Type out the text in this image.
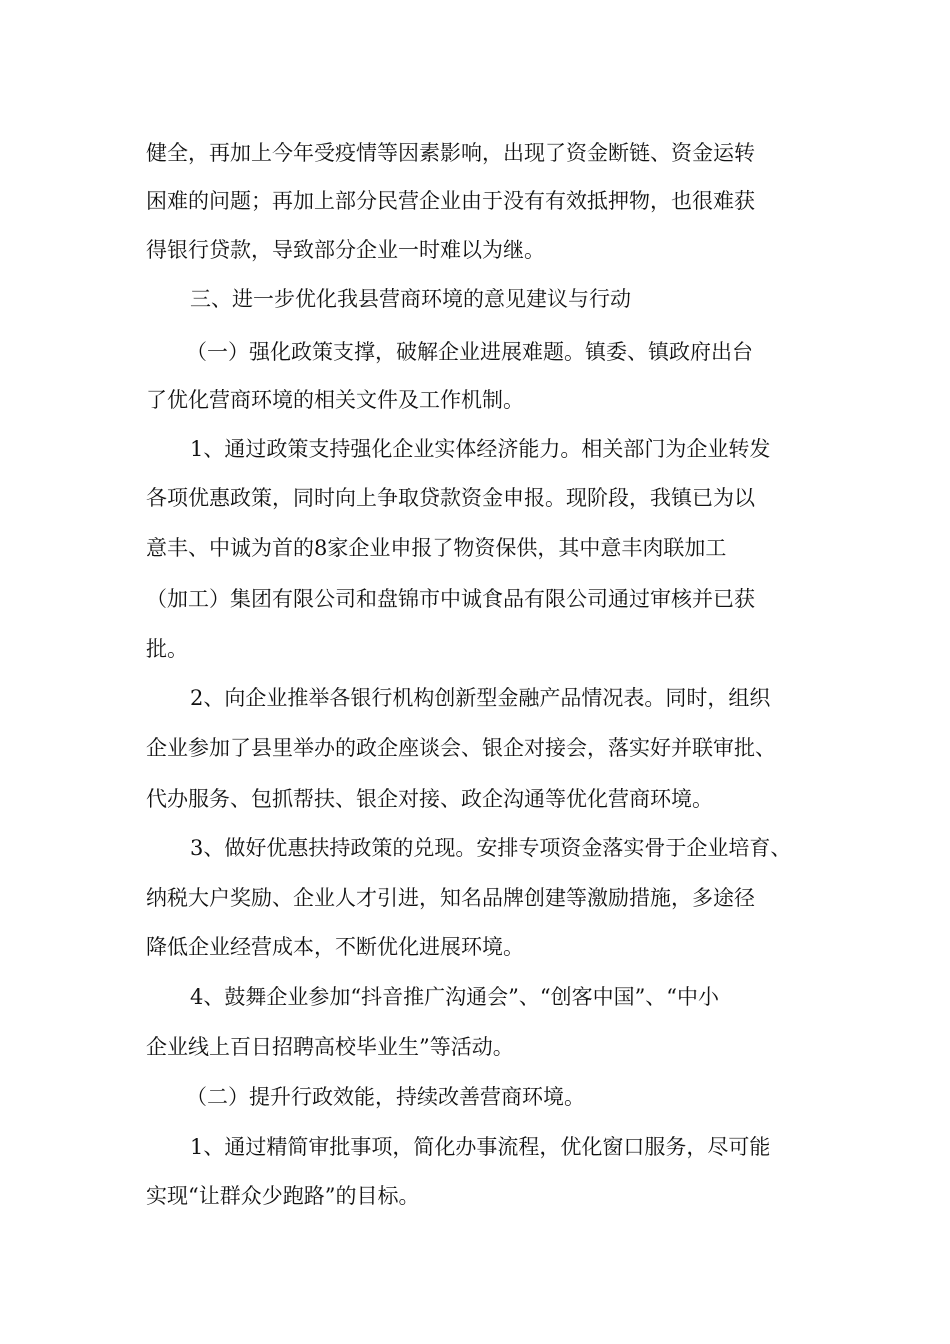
健全，再加上今年受疫情等因素影响，出现了资金断链、资金运转
困难的问题；再加上部分民营企业由于没有有效抵押物，也很难获
得银行贷款，导致部分企业一时难以为继。
三、进一步优化我县营商环境的意见建议与行动
（一）强化政策支撑，破解企业进展难题。镇委、镇政府出台
了优化营商环境的相关文件及工作机制。
1、通过政策支持强化企业实体经济能力。相关部门为企业转发
各项优惠政策，同时向上争取贷款资金申报。现阶段，我镇已为以
意丰、中诚为首的8家企业申报了物资保供，其中意丰肉联加工
（加工）集团有限公司和盘锦市中诚食品有限公司通过审核并已获
批。
2、向企业推举各银行机构创新型金融产品情况表。同时，组织
企业参加了县里举办的政企座谈会、银企对接会，落实好并联审批、
代办服务、包抓帮扶、银企对接、政企沟通等优化营商环境。
3、做好优惠扶持政策的兑现。安排专项资金落实骨于企业培育、
纳税大户奖励、企业人才引进，知名品牌创建等激励措施，多途径
降低企业经营成本，不断优化进展环境。
4、鼓舞企业参加“抖音推广沟通会”、“创客中国”、“中小
企业线上百日招聘高校毕业生”等活动。
（二）提升行政效能，持续改善营商环境。
1、通过精简审批事项，简化办事流程，优化窗口服务，尽可能
实现“让群众少跑路”的目标。
